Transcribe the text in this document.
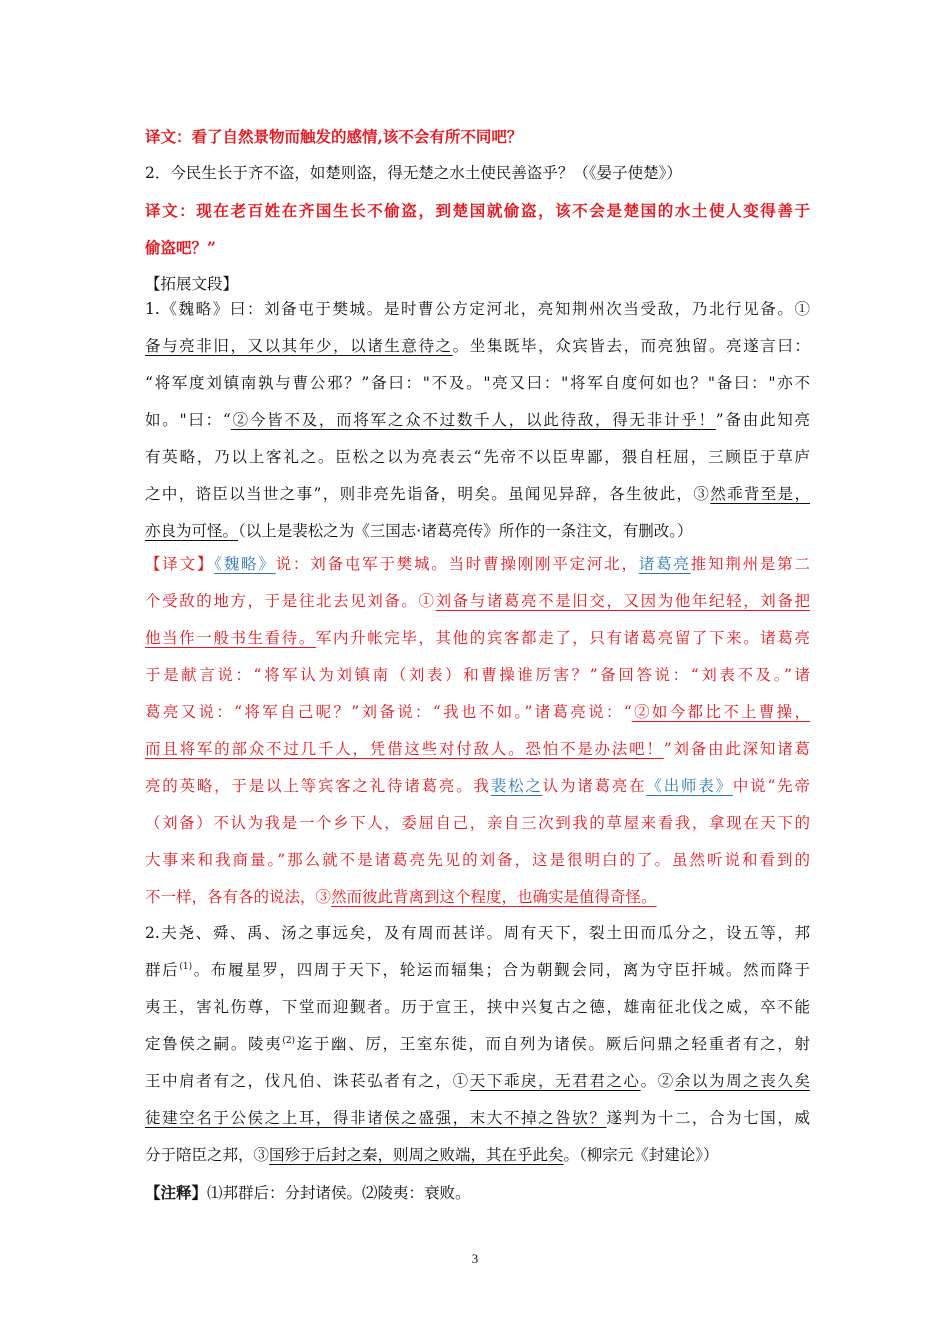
译文：看了自然景物而触发的感情,该不会有所不同吧？
2．今民生长于齐不盗，如楚则盗，得无楚之水土使民善盗乎？（《晏子使楚》）
译文：现在老百姓在齐国生长不偷盗，到楚国就偷盗，该不会是楚国的水土使人变得善于
偷盗吧？”
【拓展文段】
1.《魏略》曰：刘备屯于樊城。是时曹公方定河北，亮知荆州次当受敌，乃北行见备。①
备与亮非旧，又以其年少，以诸生意待之。坐集既毕，众宾皆去，而亮独留。亮遂言曰：
“将军度刘镇南孰与曹公邪？”备曰："不及。"亮又曰："将军自度何如也？"备曰："亦不
如。"曰：“②今皆不及，而将军之众不过数千人，以此待敌，得无非计乎！”备由此知亮
有英略，乃以上客礼之。臣松之以为亮表云“先帝不以臣卑鄙，猥自枉屈，三顾臣于草庐
之中，谘臣以当世之事”，则非亮先诣备，明矣。虽闻见异辞，各生彼此，③然乖背至是，
亦良为可怪。（以上是裴松之为《三国志·诸葛亮传》所作的一条注文，有删改。）
【译文】《魏略》说：刘备屯军于樊城。当时曹操刚刚平定河北，诸葛亮推知荆州是第二
个受敌的地方，于是往北去见刘备。①刘备与诸葛亮不是旧交，又因为他年纪轻，刘备把
他当作一般书生看待。军内升帐完毕，其他的宾客都走了，只有诸葛亮留了下来。诸葛亮
于是献言说：“将军认为刘镇南（刘表）和曹操谁厉害？”备回答说：“刘表不及。”诸
葛亮又说：“将军自己呢？”刘备说：“我也不如。”诸葛亮说：“②如今都比不上曹操，
而且将军的部众不过几千人，凭借这些对付敌人。恐怕不是办法吧！”刘备由此深知诸葛
亮的英略，于是以上等宾客之礼待诸葛亮。我裴松之认为诸葛亮在《出师表》中说“先帝
（刘备）不认为我是一个乡下人，委屈自己，亲自三次到我的草屋来看我，拿现在天下的
大事来和我商量。”那么就不是诸葛亮先见的刘备，这是很明白的了。虽然听说和看到的
不一样，各有各的说法，③然而彼此背离到这个程度，也确实是值得奇怪。
2.夫尧、舜、禹、汤之事远矣，及有周而甚详。周有天下，裂土田而瓜分之，设五等，邦
群后$^{(1)}$。布履星罗，四周于天下，轮运而辐集；合为朝觐会同，离为守臣扞城。然而降于
夷王，害礼伤尊，下堂而迎觐者。历于宣王，挟中兴复古之德，雄南征北伐之威，卒不能
定鲁侯之嗣。陵夷$^{(2)}$迄于幽、厉，王室东徙，而自列为诸侯。厥后问鼎之轻重者有之，射
王中肩者有之，伐凡伯、诛苌弘者有之，①天下乖戾，无君君之心。②余以为周之丧久矣
徒建空名于公侯之上耳，得非诸侯之盛强，末大不掉之咎欤？遂判为十二，合为七国，威
分于陪臣之邦，③国殄于后封之秦，则周之败端，其在乎此矣。（柳宗元《封建论》）
【注释】⑴邦群后：分封诸侯。⑵陵夷：衰败。
3
